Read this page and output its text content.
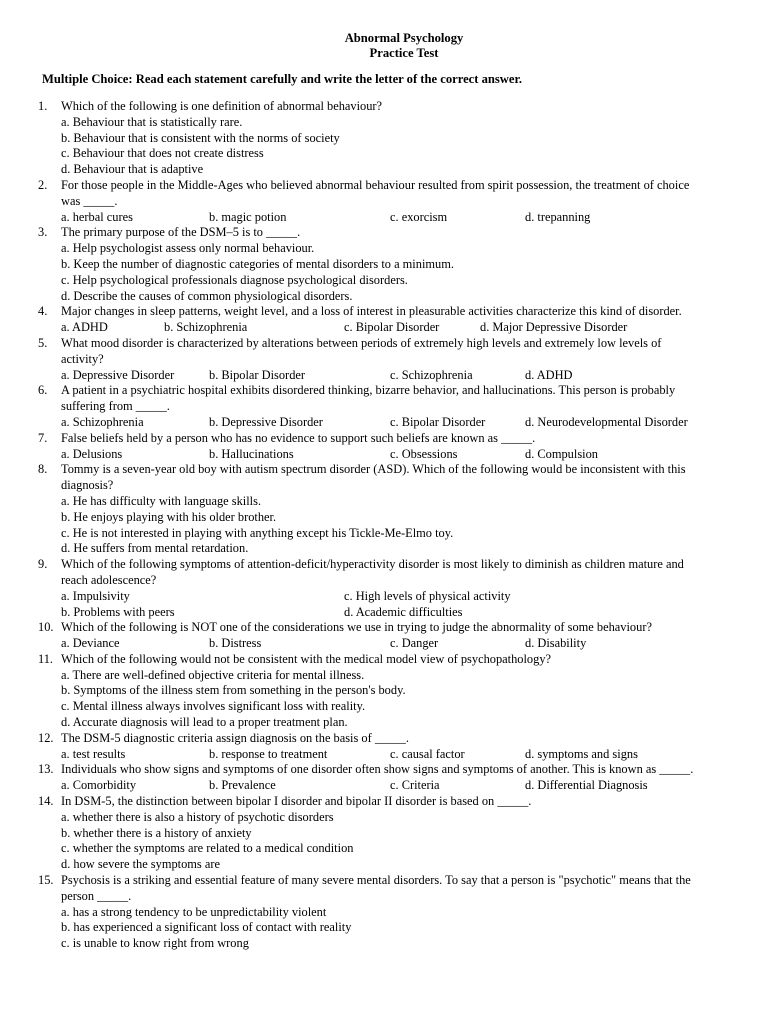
Abnormal Psychology
Practice Test
Multiple Choice: Read each statement carefully and write the letter of the correct answer.
1. Which of the following is one definition of abnormal behaviour?
a. Behaviour that is statistically rare.
b. Behaviour that is consistent with the norms of society
c. Behaviour that does not create distress
d. Behaviour that is adaptive
2. For those people in the Middle-Ages who believed abnormal behaviour resulted from spirit possession, the treatment of choice
was _____.
a. herbal cures	b. magic potion	c. exorcism	d. trepanning
3. The primary purpose of the DSM–5 is to _____.
a. Help psychologist assess only normal behaviour.
b. Keep the number of diagnostic categories of mental disorders to a minimum.
c. Help psychological professionals diagnose psychological disorders.
d. Describe the causes of common physiological disorders.
4. Major changes in sleep patterns, weight level, and a loss of interest in pleasurable activities characterize this kind of disorder.
a. ADHD	b. Schizophrenia	c. Bipolar Disorder	d. Major Depressive Disorder
5. What mood disorder is characterized by alterations between periods of extremely high levels and extremely low levels of
activity?
a. Depressive Disorder	b. Bipolar Disorder	c. Schizophrenia	d. ADHD
6. A patient in a psychiatric hospital exhibits disordered thinking, bizarre behavior, and hallucinations. This person is probably
suffering from _____.
a. Schizophrenia	b. Depressive Disorder	c. Bipolar Disorder	d. Neurodevelopmental Disorder
7. False beliefs held by a person who has no evidence to support such beliefs are known as _____.
a. Delusions	b. Hallucinations	c. Obsessions	d. Compulsion
8. Tommy is a seven-year old boy with autism spectrum disorder (ASD). Which of the following would be inconsistent with this
diagnosis?
a. He has difficulty with language skills.
b. He enjoys playing with his older brother.
c. He is not interested in playing with anything except his Tickle-Me-Elmo toy.
d. He suffers from mental retardation.
9. Which of the following symptoms of attention-deficit/hyperactivity disorder is most likely to diminish as children mature and
reach adolescence?
a. Impulsivity	c. High levels of physical activity
b. Problems with peers	d. Academic difficulties
10. Which of the following is NOT one of the considerations we use in trying to judge the abnormality of some behaviour?
a. Deviance	b. Distress	c. Danger	d. Disability
11. Which of the following would not be consistent with the medical model view of psychopathology?
a. There are well-defined objective criteria for mental illness.
b. Symptoms of the illness stem from something in the person's body.
c. Mental illness always involves significant loss with reality.
d. Accurate diagnosis will lead to a proper treatment plan.
12. The DSM-5 diagnostic criteria assign diagnosis on the basis of _____.
a. test results	b. response to treatment	c. causal factor	d. symptoms and signs
13. Individuals who show signs and symptoms of one disorder often show signs and symptoms of another. This is known as _____.
a. Comorbidity	b. Prevalence	c. Criteria	d. Differential Diagnosis
14. In DSM-5, the distinction between bipolar I disorder and bipolar II disorder is based on _____.
a. whether there is also a history of psychotic disorders
b. whether there is a history of anxiety
c. whether the symptoms are related to a medical condition
d. how severe the symptoms are
15. Psychosis is a striking and essential feature of many severe mental disorders. To say that a person is "psychotic" means that the
person _____.
a. has a strong tendency to be unpredictability violent
b. has experienced a significant loss of contact with reality
c. is unable to know right from wrong
